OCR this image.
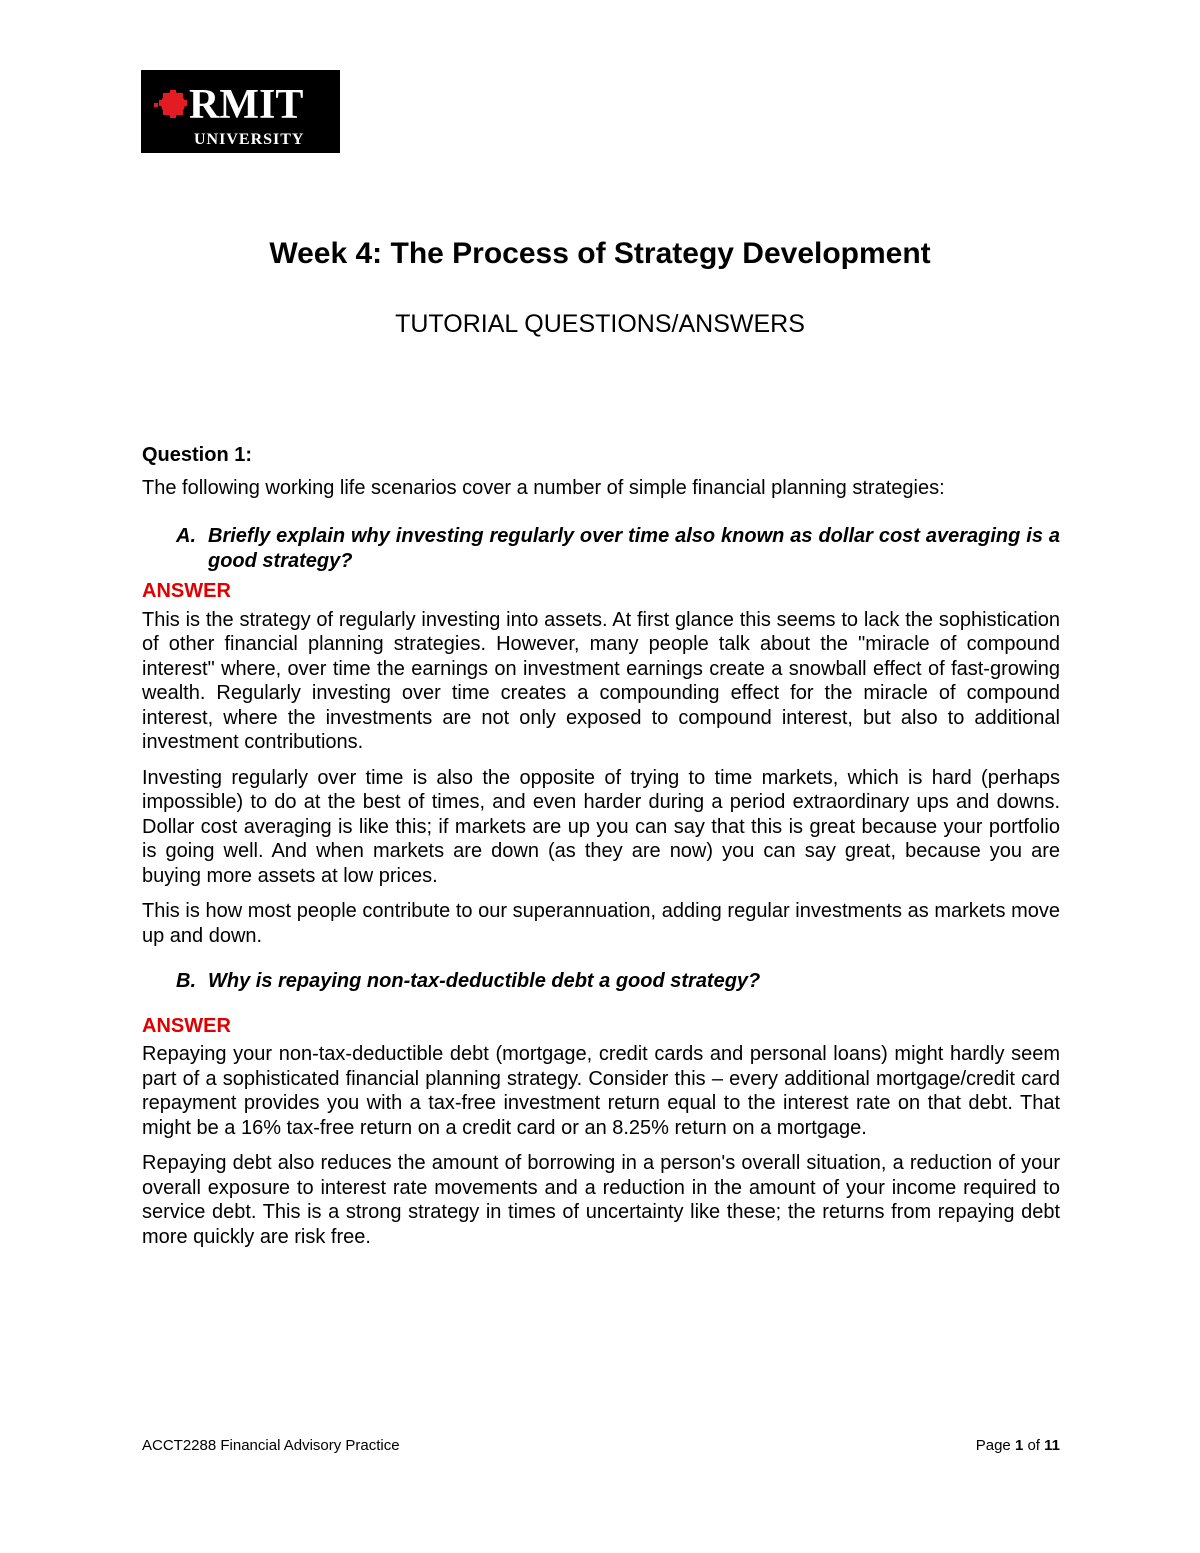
RMIT
UNIVERSITY
Week 4: The Process of Strategy Development
TUTORIAL QUESTIONS/ANSWERS

Question 1:

The following working life scenarios cover a number of simple financial planning strategies:

A. Briefly explain why investing regularly over time also known as dollar cost averaging is a good strategy?

ANSWER

This is the strategy of regularly investing into assets. At first glance this seems to lack the sophistication of other financial planning strategies. However, many people talk about the "miracle of compound interest" where, over time the earnings on investment earnings create a snowball effect of fast-growing wealth. Regularly investing over time creates a compounding effect for the miracle of compound interest, where the investments are not only exposed to compound interest, but also to additional investment contributions.

Investing regularly over time is also the opposite of trying to time markets, which is hard (perhaps impossible) to do at the best of times, and even harder during a period extraordinary ups and downs. Dollar cost averaging is like this; if markets are up you can say that this is great because your portfolio is going well. And when markets are down (as they are now) you can say great, because you are buying more assets at low prices.

This is how most people contribute to our superannuation, adding regular investments as markets move up and down.

B. Why is repaying non-tax-deductible debt a good strategy?

ANSWER

Repaying your non-tax-deductible debt (mortgage, credit cards and personal loans) might hardly seem part of a sophisticated financial planning strategy. Consider this – every additional mortgage/credit card repayment provides you with a tax-free investment return equal to the interest rate on that debt. That might be a 16% tax-free return on a credit card or an 8.25% return on a mortgage.

Repaying debt also reduces the amount of borrowing in a person's overall situation, a reduction of your overall exposure to interest rate movements and a reduction in the amount of your income required to service debt. This is a strong strategy in times of uncertainty like these; the returns from repaying debt more quickly are risk free.

ACCT2288 Financial Advisory Practice	Page 1 of 11
